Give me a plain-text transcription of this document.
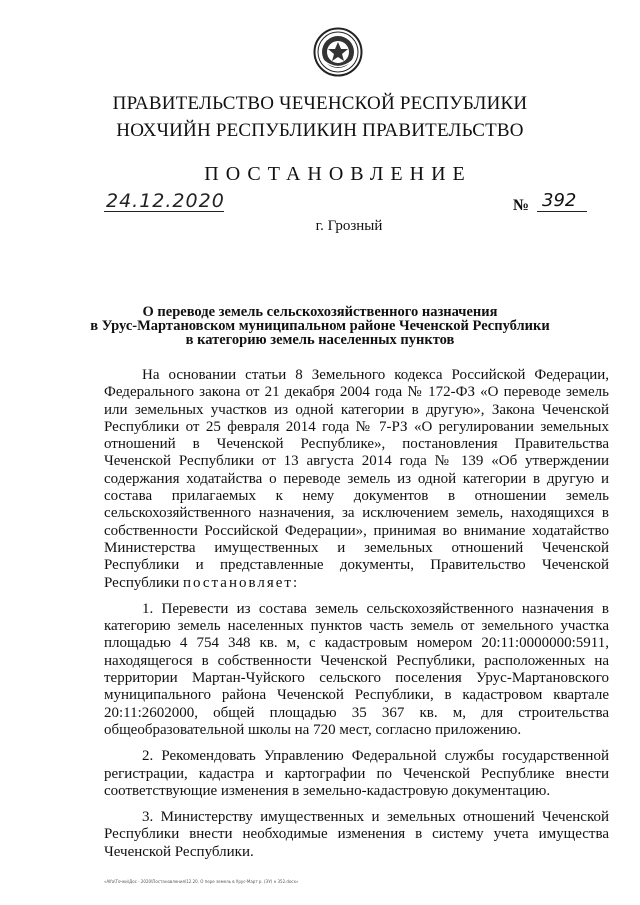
ПРАВИТЕЛЬСТВО ЧЕЧЕНСКОЙ РЕСПУБЛИКИ
НОХЧИЙН РЕСПУБЛИКИН ПРАВИТЕЛЬСТВО
ПОСТАНОВЛЕНИЕ
24.12.2020	№ 392
г. Грозный
О переводе земель сельскохозяйственного назначения
в Урус-Мартановском муниципальном районе Чеченской Республики
в категорию земель населенных пунктов

На основании статьи 8 Земельного кодекса Российской Федерации, Федерального закона от 21 декабря 2004 года № 172-ФЗ «О переводе земель или земельных участков из одной категории в другую», Закона Чеченской Республики от 25 февраля 2014 года № 7-РЗ «О регулировании земельных отношений в Чеченской Республике», постановления Правительства Чеченской Республики от 13 августа 2014 года № 139 «Об утверждении содержания ходатайства о переводе земель из одной категории в другую и состава прилагаемых к нему документов в отношении земель сельскохозяйственного назначения, за исключением земель, находящихся в собственности Российской Федерации», принимая во внимание ходатайство Министерства имущественных и земельных отношений Чеченской Республики и представленные документы, Правительство Чеченской Республики постановляет:

1. Перевести из состава земель сельскохозяйственного назначения в категорию земель населенных пунктов часть земель от земельного участка площадью 4 754 348 кв. м, с кадастровым номером 20:11:0000000:5911, находящегося в собственности Чеченской Республики, расположенных на территории Мартан-Чуйского сельского поселения Урус-Мартановского муниципального района Чеченской Республики, в кадастровом квартале 20:11:2602000, общей площадью 35 367 кв. м, для строительства общеобразовательной школы на 720 мест, согласно приложению.

2. Рекомендовать Управлению Федеральной службы государственной регистрации, кадастра и картографии по Чеченской Республике внести соответствующие изменения в земельно-кадастровую документацию.

3. Министерству имущественных и земельных отношений Чеченской Республики внести необходимые изменения в систему учета имущества Чеченской Республики.

«Alfa\Точки\Дос - 2020\Постановления\12.20. О пере земель в Урус-Март р. (ЭУ) н 352.docх»
